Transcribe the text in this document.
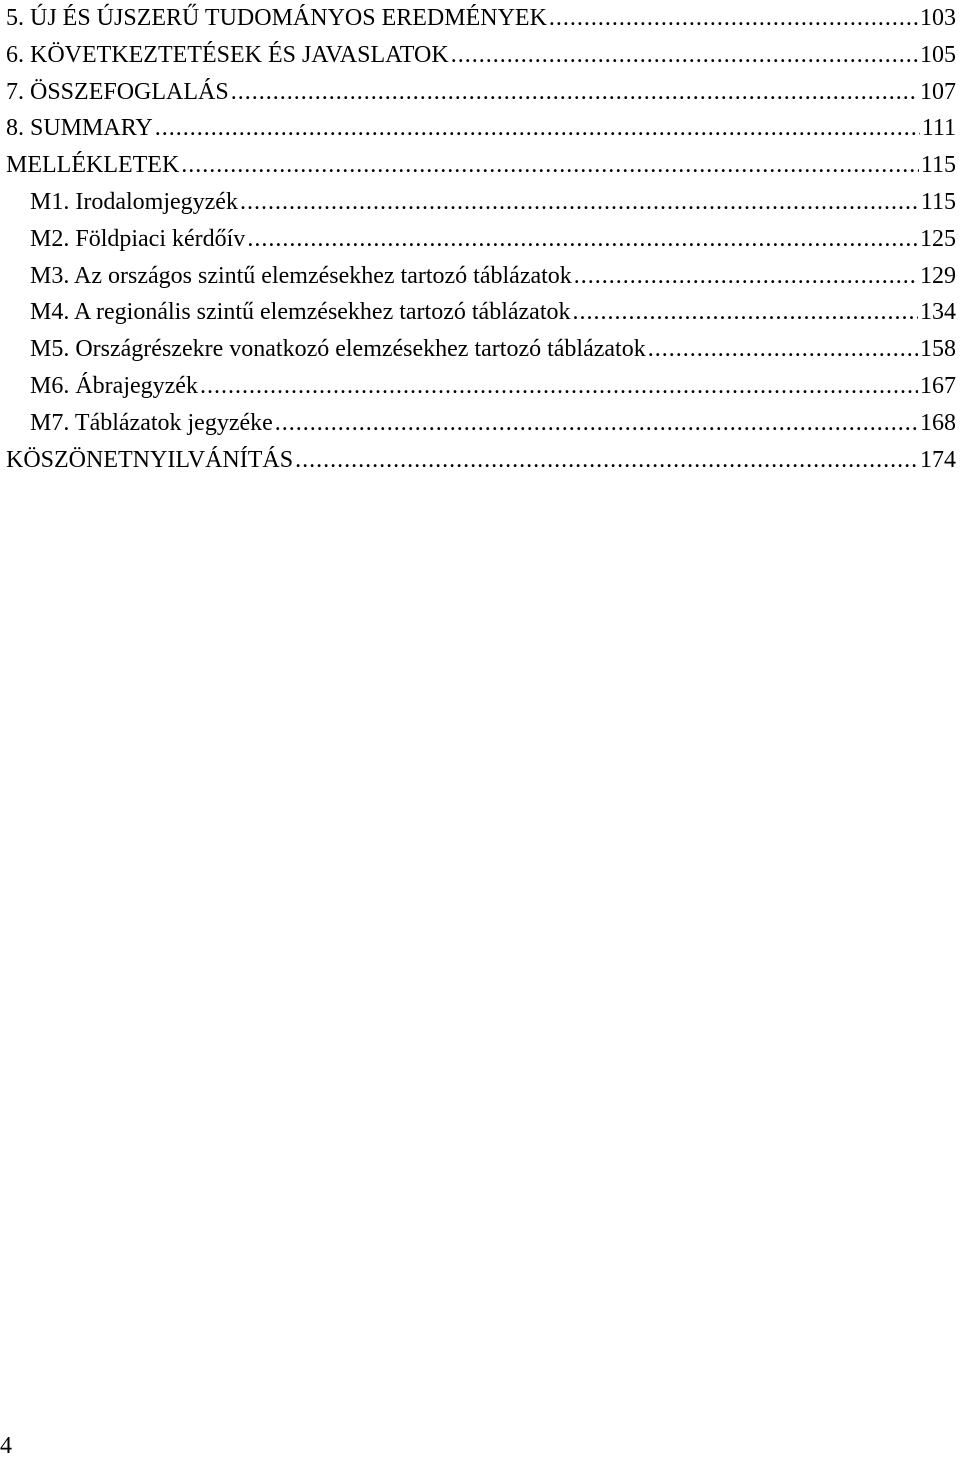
5. ÚJ ÉS ÚJSZERŰ TUDOMÁNYOS EREDMÉNYEK .....	103
6. KÖVETKEZTETÉSEK ÉS JAVASLATOK .....	105
7. ÖSSZEFOGLALÁS .....	107
8. SUMMARY .....	111
MELLÉKLETEK .....	115
M1. Irodalomjegyzék .....	115
M2. Földpiaci kérdőív .....	125
M3. Az országos szintű elemzésekhez tartozó táblázatok .....	129
M4. A regionális szintű elemzésekhez tartozó táblázatok .....	134
M5. Országrészekre vonatkozó elemzésekhez tartozó táblázatok .....	158
M6. Ábrajegyzék .....	167
M7. Táblázatok jegyzéke .....	168
KÖSZÖNETNYILVÁNÍTÁS .....	174
4
